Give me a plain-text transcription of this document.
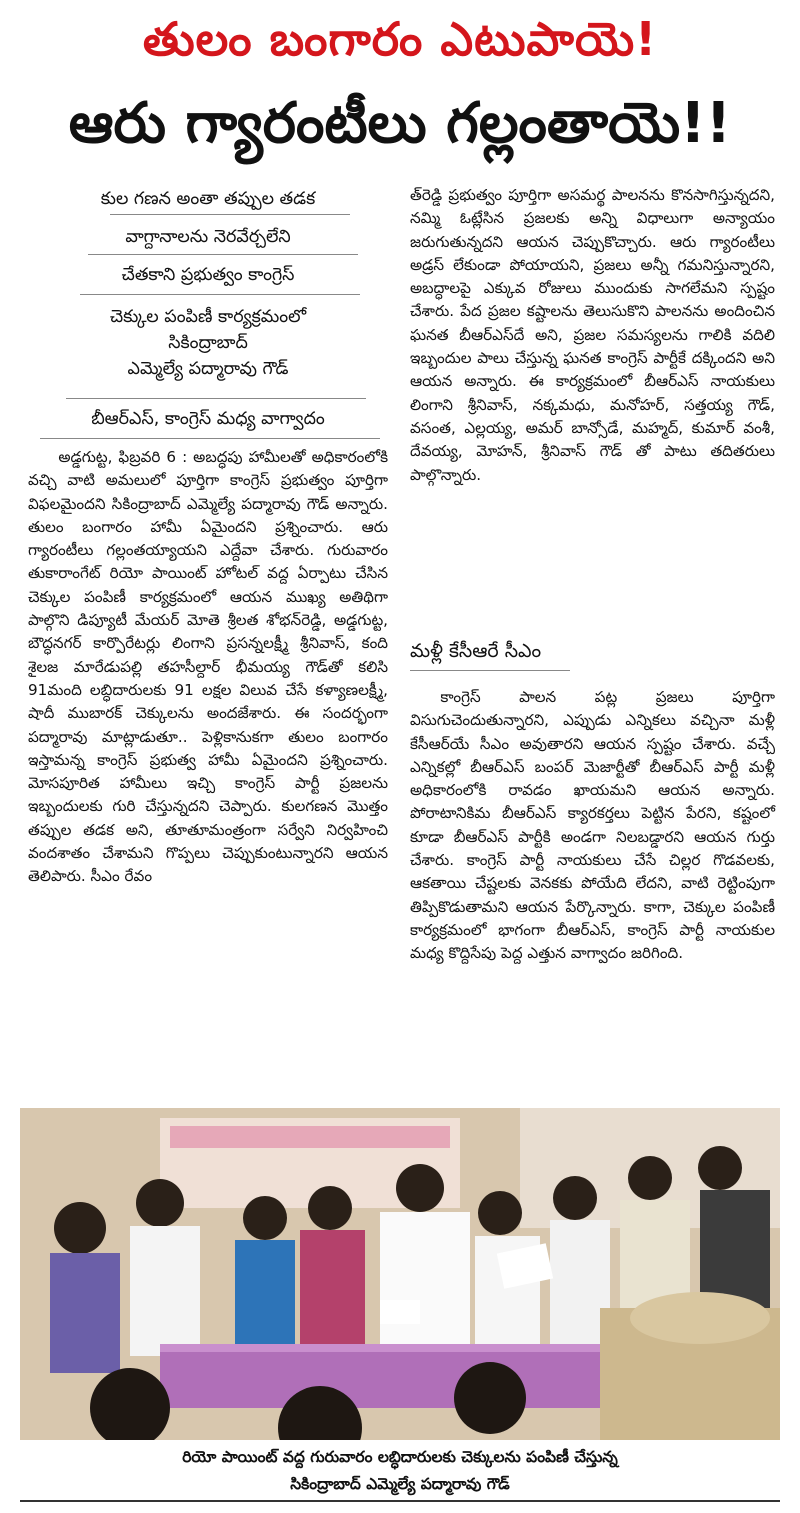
తులం బంగారం ఎటుపాయె!
ఆరు గ్యారంటీలు గల్లంతాయె!!
కుల గణన అంతా తప్పుల తడక
వాగ్దానాలను నెరవేర్చలేని
చేతకాని ప్రభుత్వం కాంగ్రెస్
చెక్కుల పంపిణీ కార్యక్రమంలో
సికింద్రాబాద్
ఎమ్మెల్యే పద్మారావు గౌడ్
బీఆర్ఎస్, కాంగ్రెస్ మధ్య వాగ్వాదం

అడ్డగుట్ట, ఫిబ్రవరి 6 : అబద్ధపు హామీలతో అధికారంలోకి వచ్చి వాటి అమలులో పూర్తిగా కాంగ్రెస్ ప్రభుత్వం పూర్తిగా విఫలమైందని సికింద్రాబాద్ ఎమ్మెల్యే పద్మారావు గౌడ్ అన్నారు. తులం బంగారం హామీ ఏమైందని ప్రశ్నించారు. ఆరు గ్యారంటీలు గల్లంతయ్యాయని ఎద్దేవా చేశారు. గురువారం తుకారాంగేట్ రియో పాయింట్ హోటల్ వద్ద ఏర్పాటు చేసిన చెక్కుల పంపిణీ కార్యక్రమంలో ఆయన ముఖ్య అతిథిగా పాల్గొని డిప్యూటీ మేయర్ మోతె శ్రీలత శోభన్‌రెడ్డి, అడ్డగుట్ట, బౌద్ధనగర్ కార్పొరేటర్లు లింగాని ప్రసన్నలక్ష్మీ శ్రీనివాస్, కంది శైలజ మారేడుపల్లి తహసీల్దార్ భీమయ్య గౌడ్‌తో కలిసి 91మంది లబ్ధిదారులకు 91 లక్షల విలువ చేసే కళ్యాణలక్ష్మీ, షాదీ ముబారక్ చెక్కులను అందజేశారు. ఈ సందర్భంగా పద్మారావు మాట్లాడుతూ.. పెళ్లికానుకగా తులం బంగారం ఇస్తామన్న కాంగ్రెస్ ప్రభుత్వ హామీ ఏమైందని ప్రశ్నించారు. మోసపూరిత హామీలు ఇచ్చి కాంగ్రెస్ పార్టీ ప్రజలను ఇబ్బందులకు గురి చేస్తున్నదని చెప్పారు. కులగణన మొత్తం తప్పుల తడక అని, తూతూమంత్రంగా సర్వేని నిర్వహించి వందశాతం చేశామని గొప్పలు చెప్పుకుంటున్నారని ఆయన తెలిపారు. సీఎం రేవం

త్‌రెడ్డి ప్రభుత్వం పూర్తిగా అసమర్థ పాలనను కొనసాగిస్తున్నదని, నమ్మి ఓట్లేసిన ప్రజలకు అన్ని విధాలుగా అన్యాయం జరుగుతున్నదని ఆయన చెప్పుకొచ్చారు. ఆరు గ్యారంటీలు అడ్రస్ లేకుండా పోయాయని, ప్రజలు అన్నీ గమనిస్తున్నారని, అబద్ధాలపై ఎక్కువ రోజులు ముందుకు సాగలేమని స్పష్టం చేశారు. పేద ప్రజల కష్టాలను తెలుసుకొని పాలనను అందించిన ఘనత బీఆర్ఎస్‌దే అని, ప్రజల సమస్యలను గాలికి వదిలి ఇబ్బందుల పాలు చేస్తున్న ఘనత కాంగ్రెస్ పార్టీకే దక్కిందని అని ఆయన అన్నారు. ఈ కార్యక్రమంలో బీఆర్ఎస్ నాయకులు లింగాని శ్రీనివాస్, నక్కమధు, మనోహర్, సత్తయ్య గౌడ్, వసంత, ఎల్లయ్య, అమర్ బాన్సోడే, మహ్మద్, కుమార్ వంశీ, దేవయ్య, మోహన్, శ్రీనివాస్ గౌడ్ తో పాటు తదితరులు పాల్గొన్నారు.

మళ్లీ కేసీఆరే సీఎం

కాంగ్రెస్ పాలన పట్ల ప్రజలు పూర్తిగా విసుగుచెందుతున్నారని, ఎప్పుడు ఎన్నికలు వచ్చినా మళ్లీ కేసీఆర్‌యే సీఎం అవుతారని ఆయన స్పష్టం చేశారు. వచ్చే ఎన్నికల్లో బీఆర్ఎస్ బంపర్ మెజార్టీతో బీఆర్ఎస్ పార్టీ మళ్లీ అధికారంలోకి రావడం ఖాయమని ఆయన అన్నారు. పోరాటానికిమ బీఆర్ఎస్ క్యారకర్తలు పెట్టిన పేరని, కష్టంలో కూడా బీఆర్ఎస్ పార్టీకి అండగా నిలబడ్డారని ఆయన గుర్తు చేశారు. కాంగ్రెస్ పార్టీ నాయకులు చేసే చిల్లర గొడవలకు, ఆకతాయి చేష్టలకు వెనకకు పోయేది లేదని, వాటి రెట్టింపుగా తిప్పికొడుతామని ఆయన పేర్కొన్నారు. కాగా, చెక్కుల పంపిణీ కార్యక్రమంలో భాగంగా బీఆర్ఎస్, కాంగ్రెస్ పార్టీ నాయకుల మధ్య కొద్దిసేపు పెద్ద ఎత్తున వాగ్వాదం జరిగింది.

రియో పాయింట్ వద్ద గురువారం లబ్ధిదారులకు చెక్కులను పంపిణీ చేస్తున్న
సికింద్రాబాద్ ఎమ్మెల్యే పద్మారావు గౌడ్
